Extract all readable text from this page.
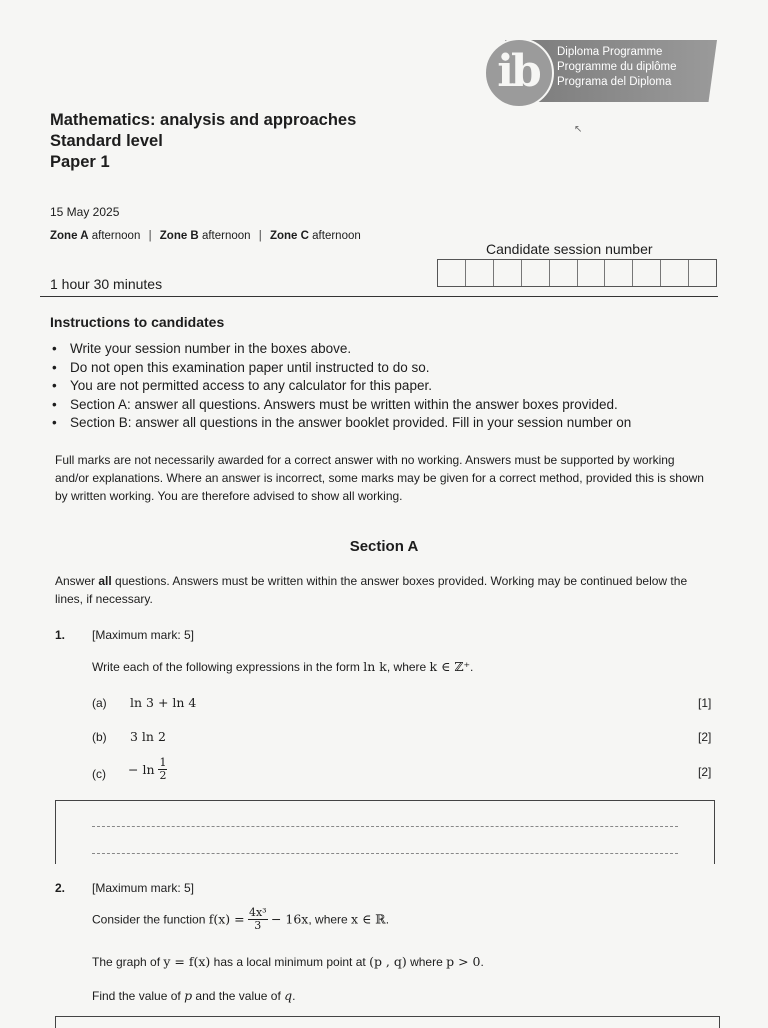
ib	Diploma Programme
Programme du diplôme
Programa del Diploma
↖
Mathematics: analysis and approaches
Standard level
Paper 1
15 May 2025
Zone A afternoon | Zone B afternoon | Zone C afternoon
1 hour 30 minutes
Candidate session number
Instructions to candidates
• Write your session number in the boxes above.
• Do not open this examination paper until instructed to do so.
• You are not permitted access to any calculator for this paper.
• Section A: answer all questions. Answers must be written within the answer boxes provided.
• Section B: answer all questions in the answer booklet provided. Fill in your session number on
Full marks are not necessarily awarded for a correct answer with no working. Answers must be supported by working and/or explanations. Where an answer is incorrect, some marks may be given for a correct method, provided this is shown by written working. You are therefore advised to show all working.
Section A
Answer all questions. Answers must be written within the answer boxes provided. Working may be continued below the lines, if necessary.
1. [Maximum mark: 5]
Write each of the following expressions in the form ln k, where k ∈ ℤ⁺.
(a) ln 3 + ln 4	[1]
(b) 3 ln 2	[2]
$(c) - \ln \frac{1}{2}$	[2]
2. [Maximum mark: 5]
Consider the function $f(x) = \frac{\text{4x³}}{3} - 16x$, where x ∈ ℝ.
The graph of y = f(x) has a local minimum point at (p , q) where p > 0.
Find the value of p and the value of q.
